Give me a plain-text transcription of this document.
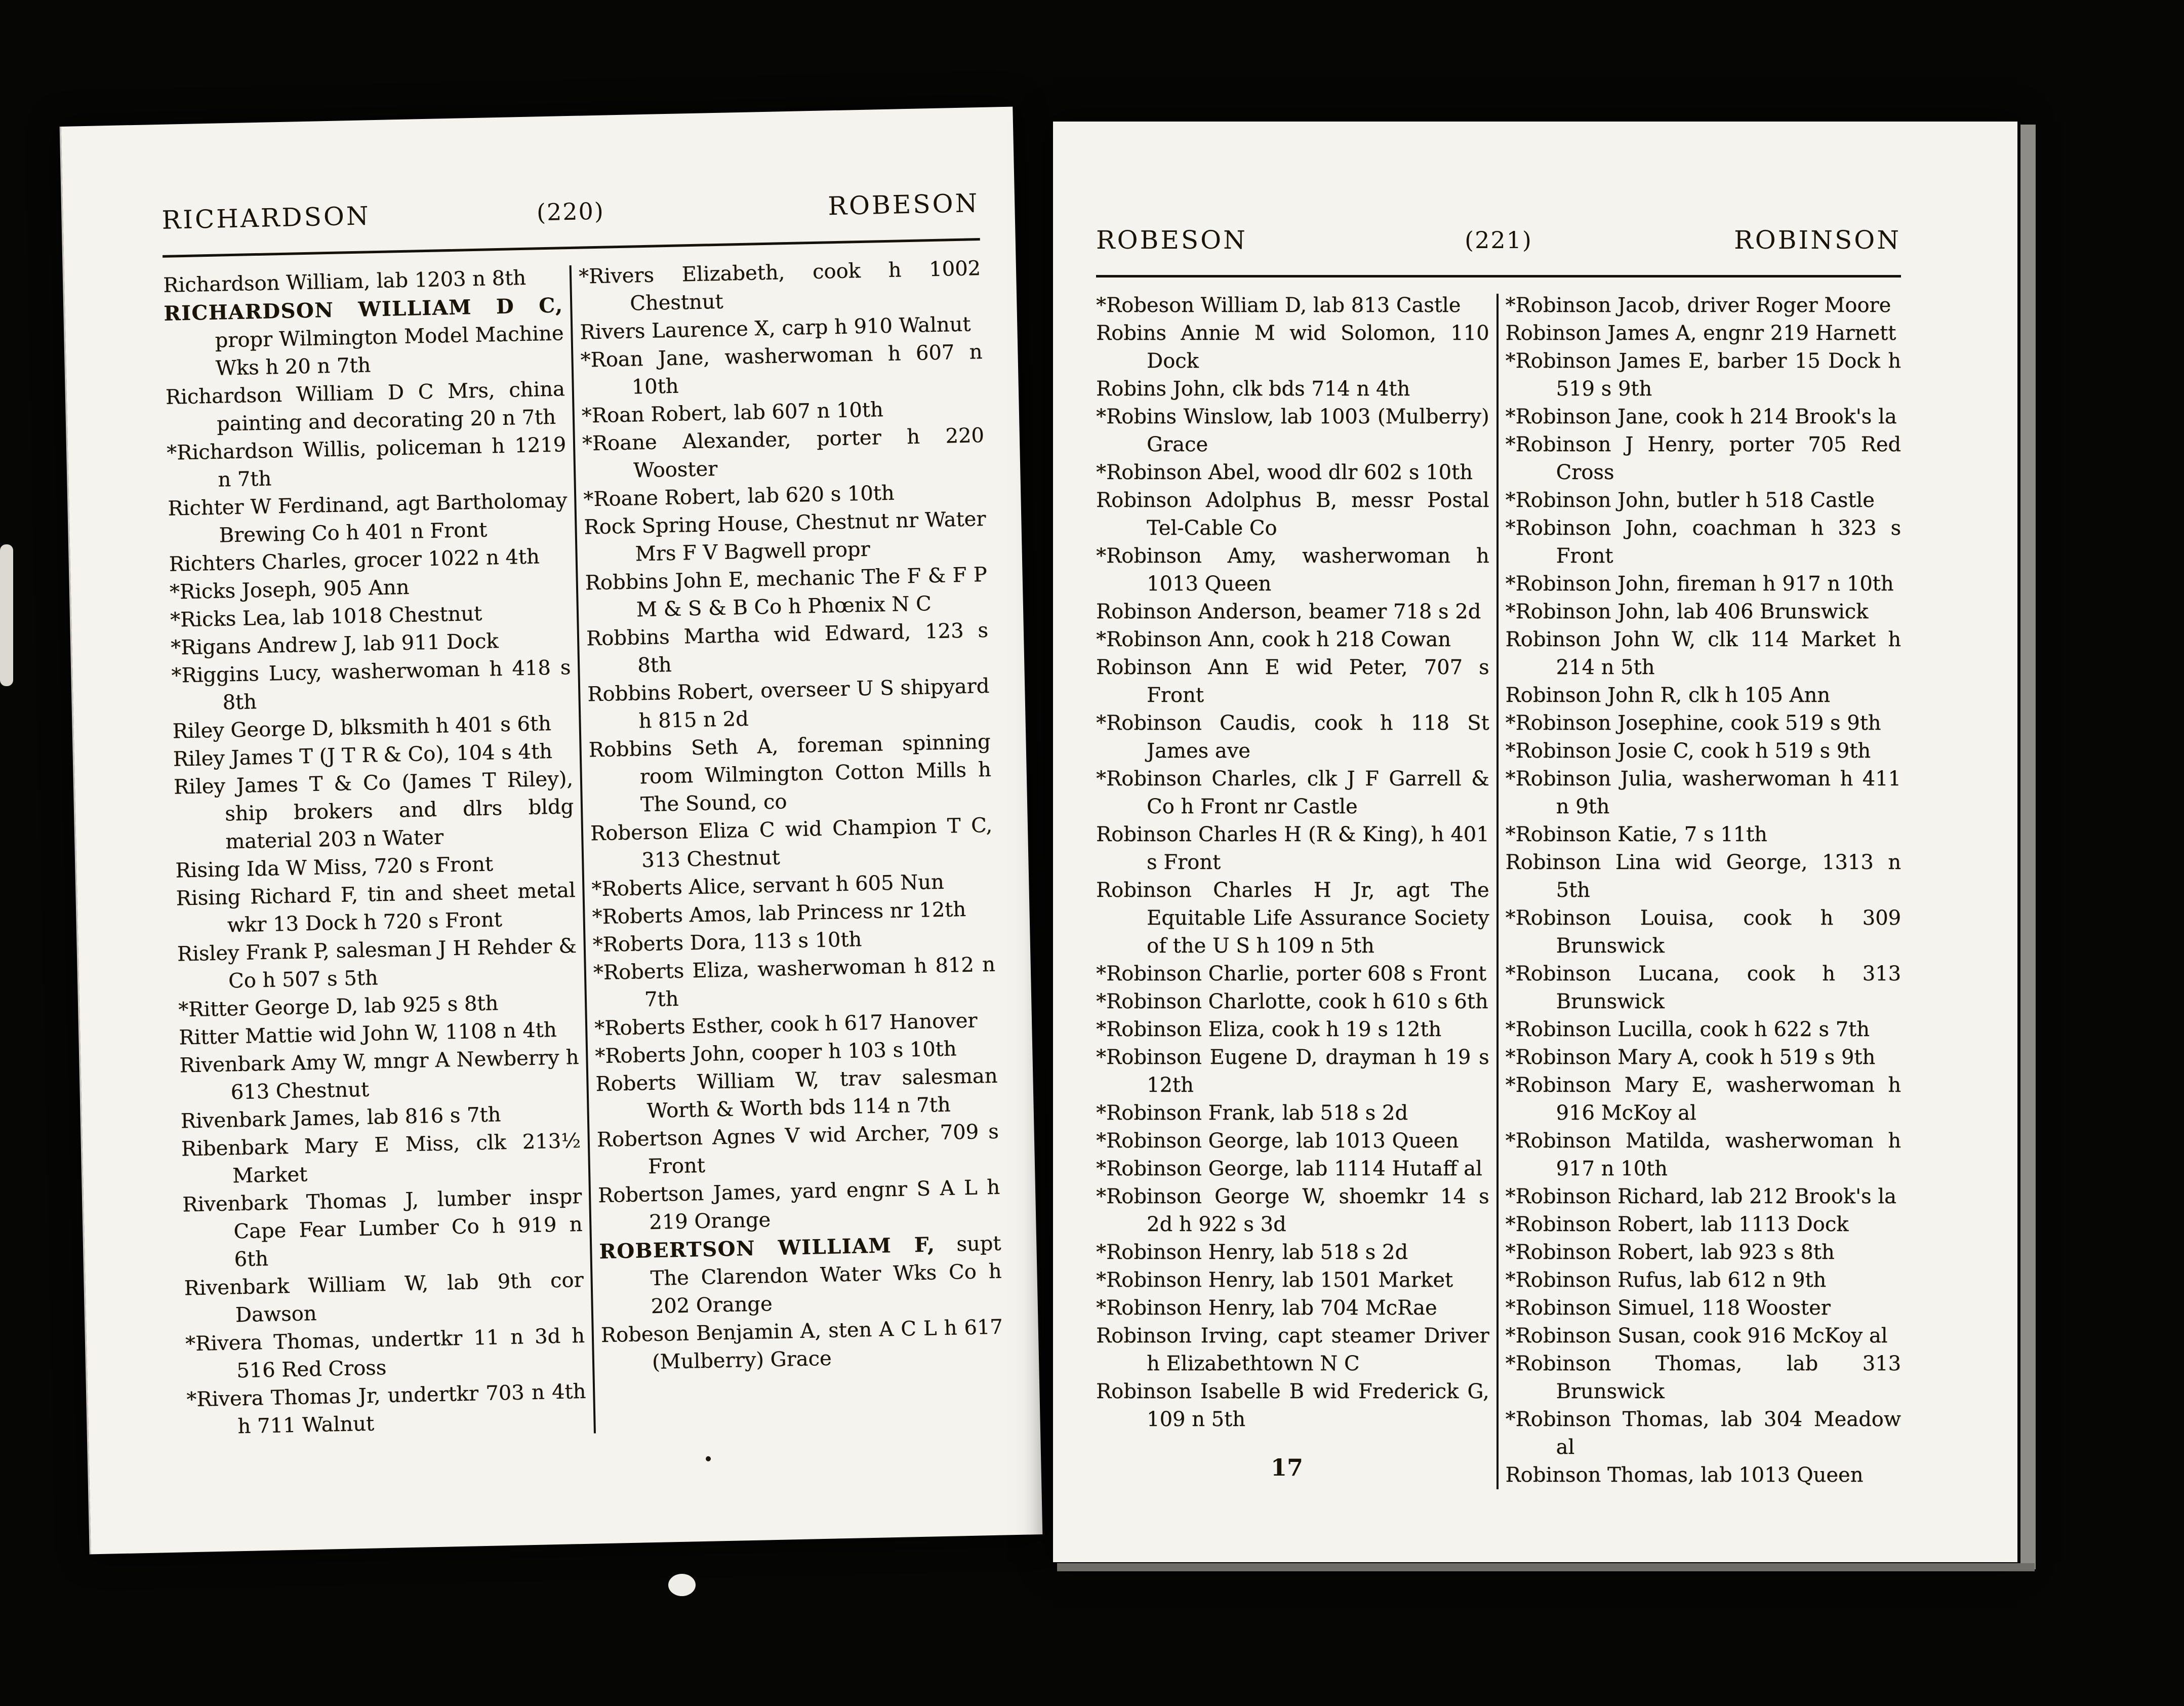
RICHARDSON	(220)	ROBESON
Richardson William, lab 1203 n 8th
RICHARDSON WILLIAM D C, propr Wilmington Model Machine Wks h 20 n 7th
Richardson William D C Mrs, china painting and decorating 20 n 7th
*Richardson Willis, policeman h 1219 n 7th
Richter W Ferdinand, agt Bartholomay Brewing Co h 401 n Front
Richters Charles, grocer 1022 n 4th
*Ricks Joseph, 905 Ann
*Ricks Lea, lab 1018 Chestnut
*Rigans Andrew J, lab 911 Dock
*Riggins Lucy, washerwoman h 418 s 8th
Riley George D, blksmith h 401 s 6th
Riley James T (J T R & Co), 104 s 4th
Riley James T & Co (James T Riley), ship brokers and dlrs bldg material 203 n Water
Rising Ida W Miss, 720 s Front
Rising Richard F, tin and sheet metal wkr 13 Dock h 720 s Front
Risley Frank P, salesman J H Rehder & Co h 507 s 5th
*Ritter George D, lab 925 s 8th
Ritter Mattie wid John W, 1108 n 4th
Rivenbark Amy W, mngr A Newberry h 613 Chestnut
Rivenbark James, lab 816 s 7th
Ribenbark Mary E Miss, clk 213½ Market
Rivenbark Thomas J, lumber inspr Cape Fear Lumber Co h 919 n 6th
Rivenbark William W, lab 9th cor Dawson
*Rivera Thomas, undertkr 11 n 3d h 516 Red Cross
*Rivera Thomas Jr, undertkr 703 n 4th h 711 Walnut
*Rivers Elizabeth, cook h 1002 Chestnut
Rivers Laurence X, carp h 910 Walnut
*Roan Jane, washerwoman h 607 n 10th
*Roan Robert, lab 607 n 10th
*Roane Alexander, porter h 220 Wooster
*Roane Robert, lab 620 s 10th
Rock Spring House, Chestnut nr Water Mrs F V Bagwell propr
Robbins John E, mechanic The F & F P M & S & B Co h Phœnix N C
Robbins Martha wid Edward, 123 s 8th
Robbins Robert, overseer U S shipyard h 815 n 2d
Robbins Seth A, foreman spinning room Wilmington Cotton Mills h The Sound, co
Roberson Eliza C wid Champion T C, 313 Chestnut
*Roberts Alice, servant h 605 Nun
*Roberts Amos, lab Princess nr 12th
*Roberts Dora, 113 s 10th
*Roberts Eliza, washerwoman h 812 n 7th
*Roberts Esther, cook h 617 Hanover
*Roberts John, cooper h 103 s 10th
Roberts William W, trav salesman Worth & Worth bds 114 n 7th
Robertson Agnes V wid Archer, 709 s Front
Robertson James, yard engnr S A L h 219 Orange
ROBERTSON WILLIAM F, supt The Clarendon Water Wks Co h 202 Orange
Robeson Benjamin A, sten A C L h 617 (Mulberry) Grace
ROBESON	(221)	ROBINSON
*Robeson William D, lab 813 Castle
Robins Annie M wid Solomon, 110 Dock
Robins John, clk bds 714 n 4th
*Robins Winslow, lab 1003 (Mulberry) Grace
*Robinson Abel, wood dlr 602 s 10th
Robinson Adolphus B, messr Postal Tel-Cable Co
*Robinson Amy, washerwoman h 1013 Queen
Robinson Anderson, beamer 718 s 2d
*Robinson Ann, cook h 218 Cowan
Robinson Ann E wid Peter, 707 s Front
*Robinson Caudis, cook h 118 St James ave
*Robinson Charles, clk J F Garrell & Co h Front nr Castle
Robinson Charles H (R & King), h 401 s Front
Robinson Charles H Jr, agt The Equitable Life Assurance Society of the U S h 109 n 5th
*Robinson Charlie, porter 608 s Front
*Robinson Charlotte, cook h 610 s 6th
*Robinson Eliza, cook h 19 s 12th
*Robinson Eugene D, drayman h 19 s 12th
*Robinson Frank, lab 518 s 2d
*Robinson George, lab 1013 Queen
*Robinson George, lab 1114 Hutaff al
*Robinson George W, shoemkr 14 s 2d h 922 s 3d
*Robinson Henry, lab 518 s 2d
*Robinson Henry, lab 1501 Market
*Robinson Henry, lab 704 McRae
Robinson Irving, capt steamer Driver h Elizabethtown N C
Robinson Isabelle B wid Frederick G, 109 n 5th
*Robinson Jacob, driver Roger Moore
Robinson James A, engnr 219 Harnett
*Robinson James E, barber 15 Dock h 519 s 9th
*Robinson Jane, cook h 214 Brook's la
*Robinson J Henry, porter 705 Red Cross
*Robinson John, butler h 518 Castle
*Robinson John, coachman h 323 s Front
*Robinson John, fireman h 917 n 10th
*Robinson John, lab 406 Brunswick
Robinson John W, clk 114 Market h 214 n 5th
Robinson John R, clk h 105 Ann
*Robinson Josephine, cook 519 s 9th
*Robinson Josie C, cook h 519 s 9th
*Robinson Julia, washerwoman h 411 n 9th
*Robinson Katie, 7 s 11th
Robinson Lina wid George, 1313 n 5th
*Robinson Louisa, cook h 309 Brunswick
*Robinson Lucana, cook h 313 Brunswick
*Robinson Lucilla, cook h 622 s 7th
*Robinson Mary A, cook h 519 s 9th
*Robinson Mary E, washerwoman h 916 McKoy al
*Robinson Matilda, washerwoman h 917 n 10th
*Robinson Richard, lab 212 Brook's la
*Robinson Robert, lab 1113 Dock
*Robinson Robert, lab 923 s 8th
*Robinson Rufus, lab 612 n 9th
*Robinson Simuel, 118 Wooster
*Robinson Susan, cook 916 McKoy al
*Robinson Thomas, lab 313 Brunswick
*Robinson Thomas, lab 304 Meadow al
Robinson Thomas, lab 1013 Queen
17
